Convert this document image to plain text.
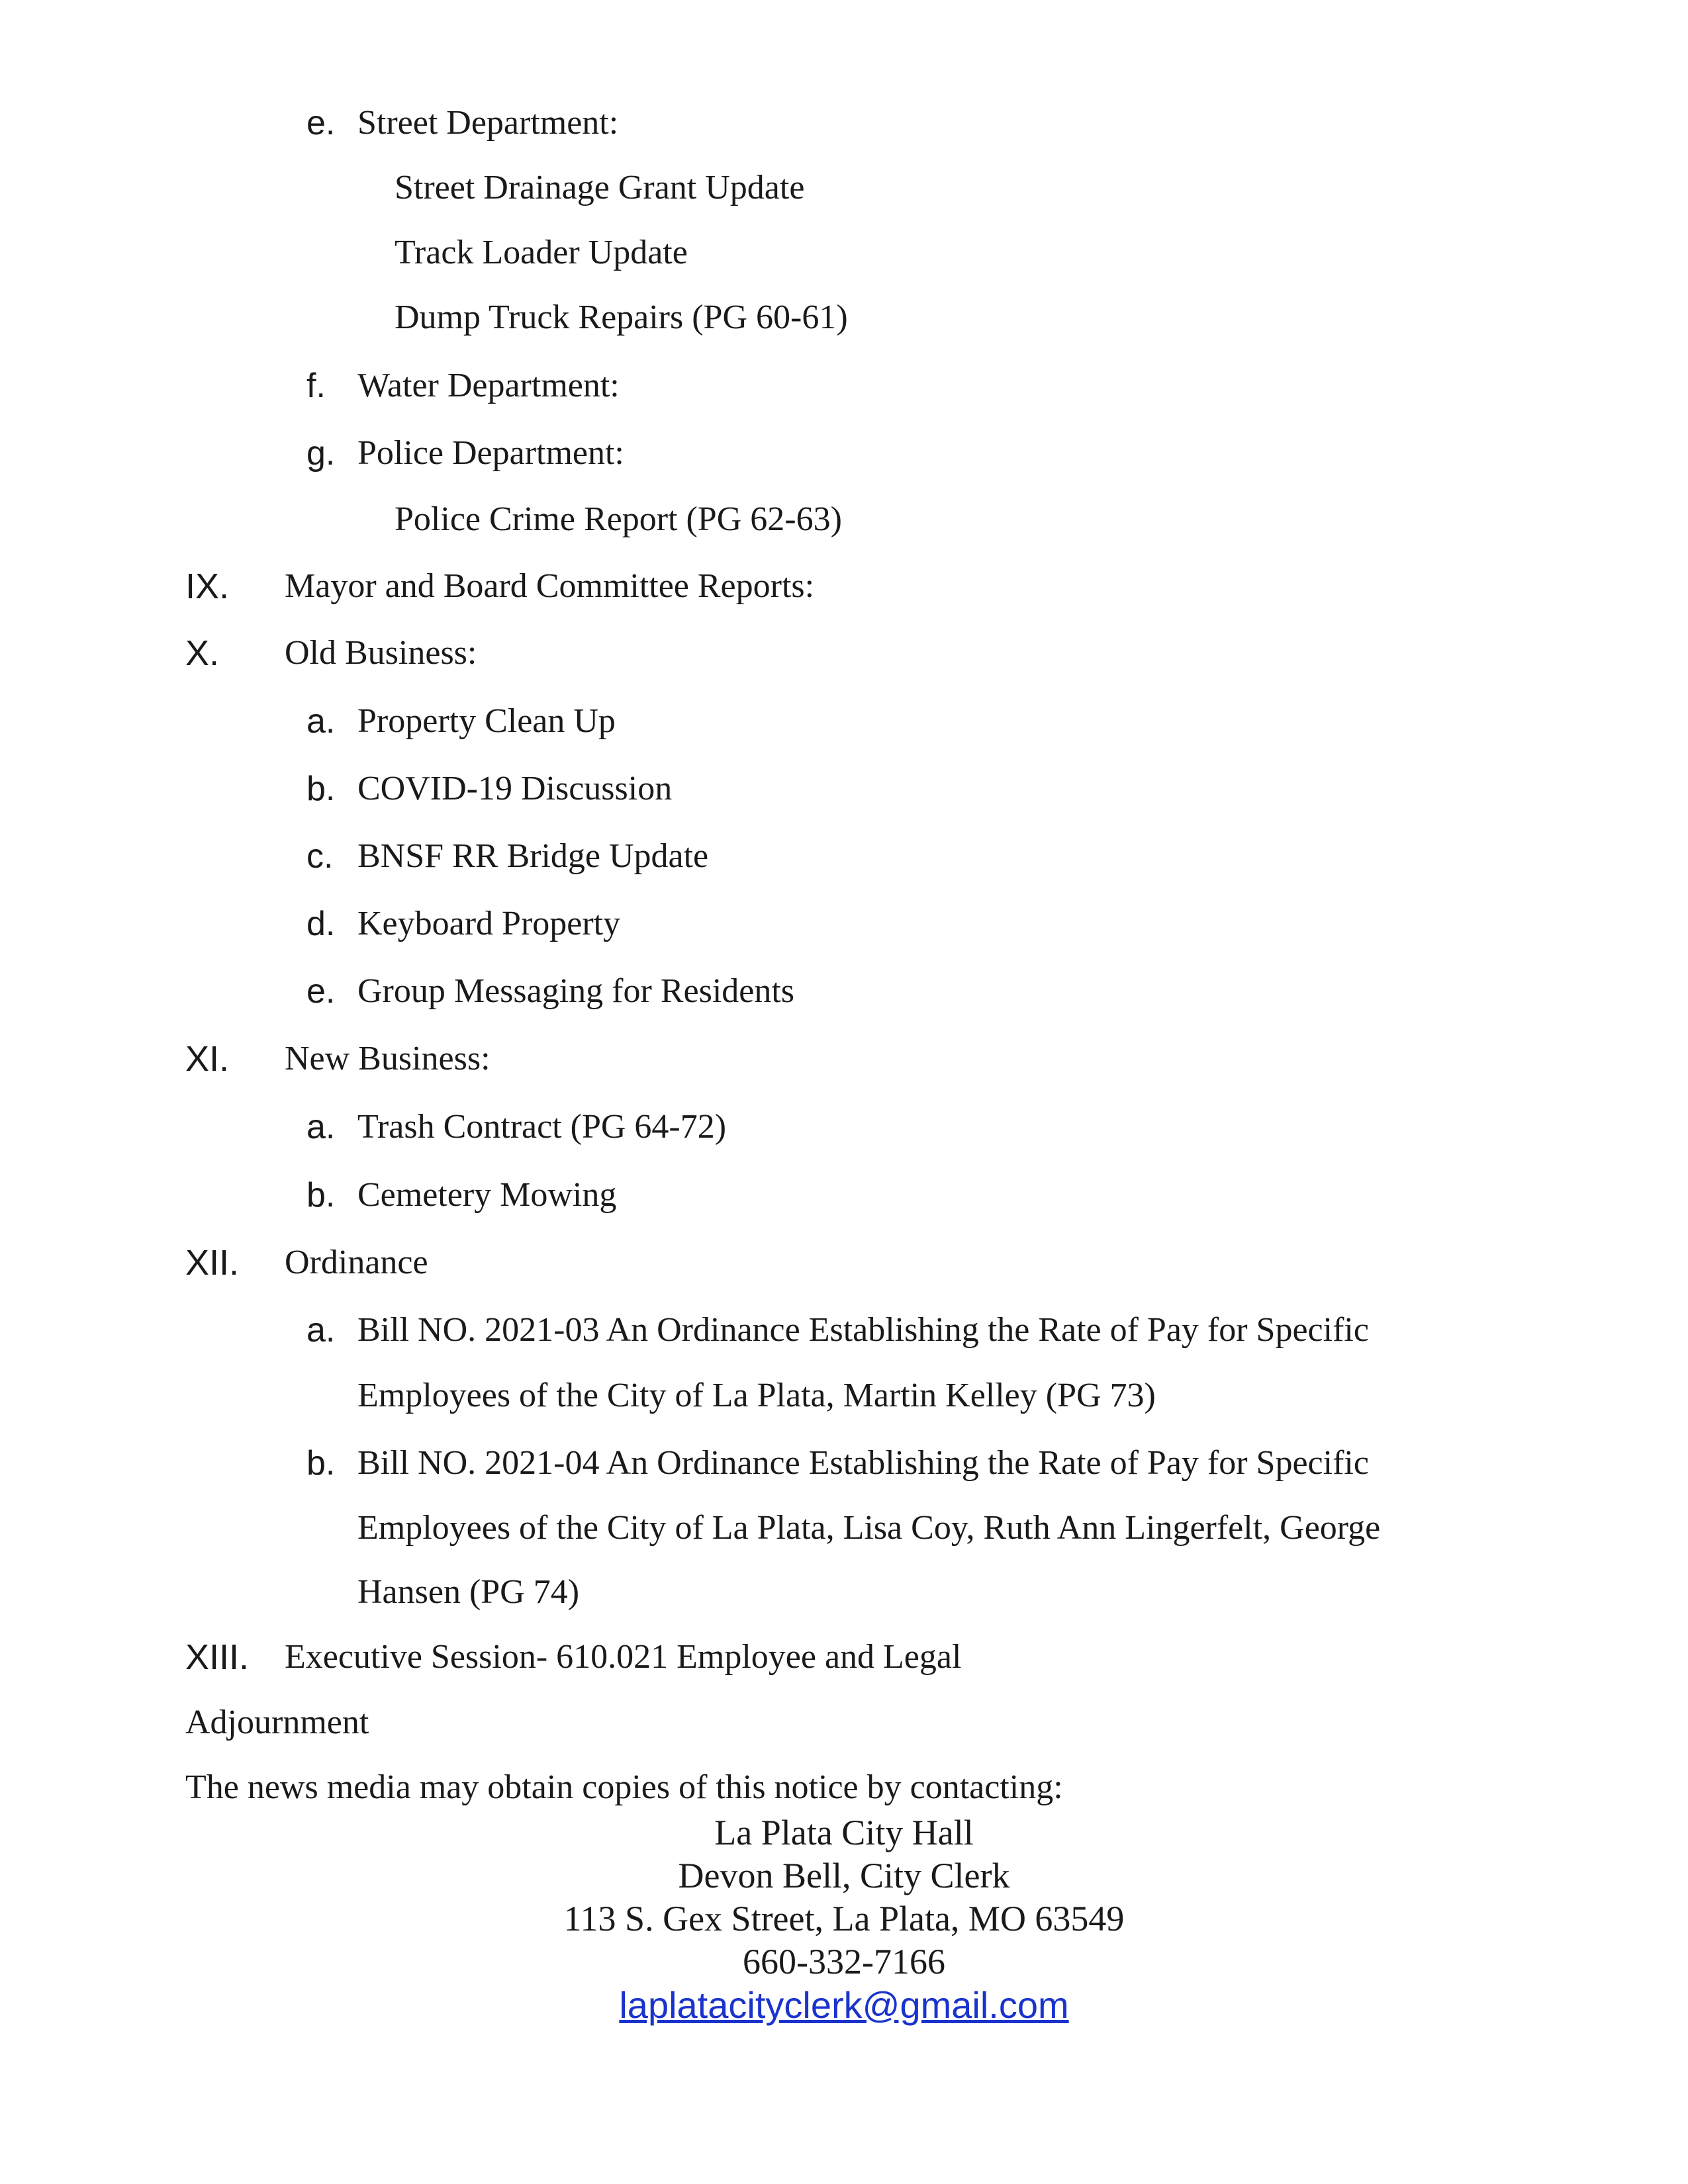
e. Street Department:
Street Drainage Grant Update
Track Loader Update
Dump Truck Repairs (PG 60-61)
f. Water Department:
g. Police Department:
Police Crime Report (PG 62-63)
IX. Mayor and Board Committee Reports:
X. Old Business:
a. Property Clean Up
b. COVID-19 Discussion
c. BNSF RR Bridge Update
d. Keyboard Property
e. Group Messaging for Residents
XI. New Business:
a. Trash Contract (PG 64-72)
b. Cemetery Mowing
XII. Ordinance
a. Bill NO. 2021-03 An Ordinance Establishing the Rate of Pay for Specific
Employees of the City of La Plata, Martin Kelley (PG 73)
b. Bill NO. 2021-04 An Ordinance Establishing the Rate of Pay for Specific
Employees of the City of La Plata, Lisa Coy, Ruth Ann Lingerfelt, George
Hansen (PG 74)
XIII. Executive Session- 610.021 Employee and Legal
Adjournment
The news media may obtain copies of this notice by contacting:
La Plata City Hall
Devon Bell, City Clerk
113 S. Gex Street, La Plata, MO 63549
660-332-7166
laplatacityclerk@gmail.com
